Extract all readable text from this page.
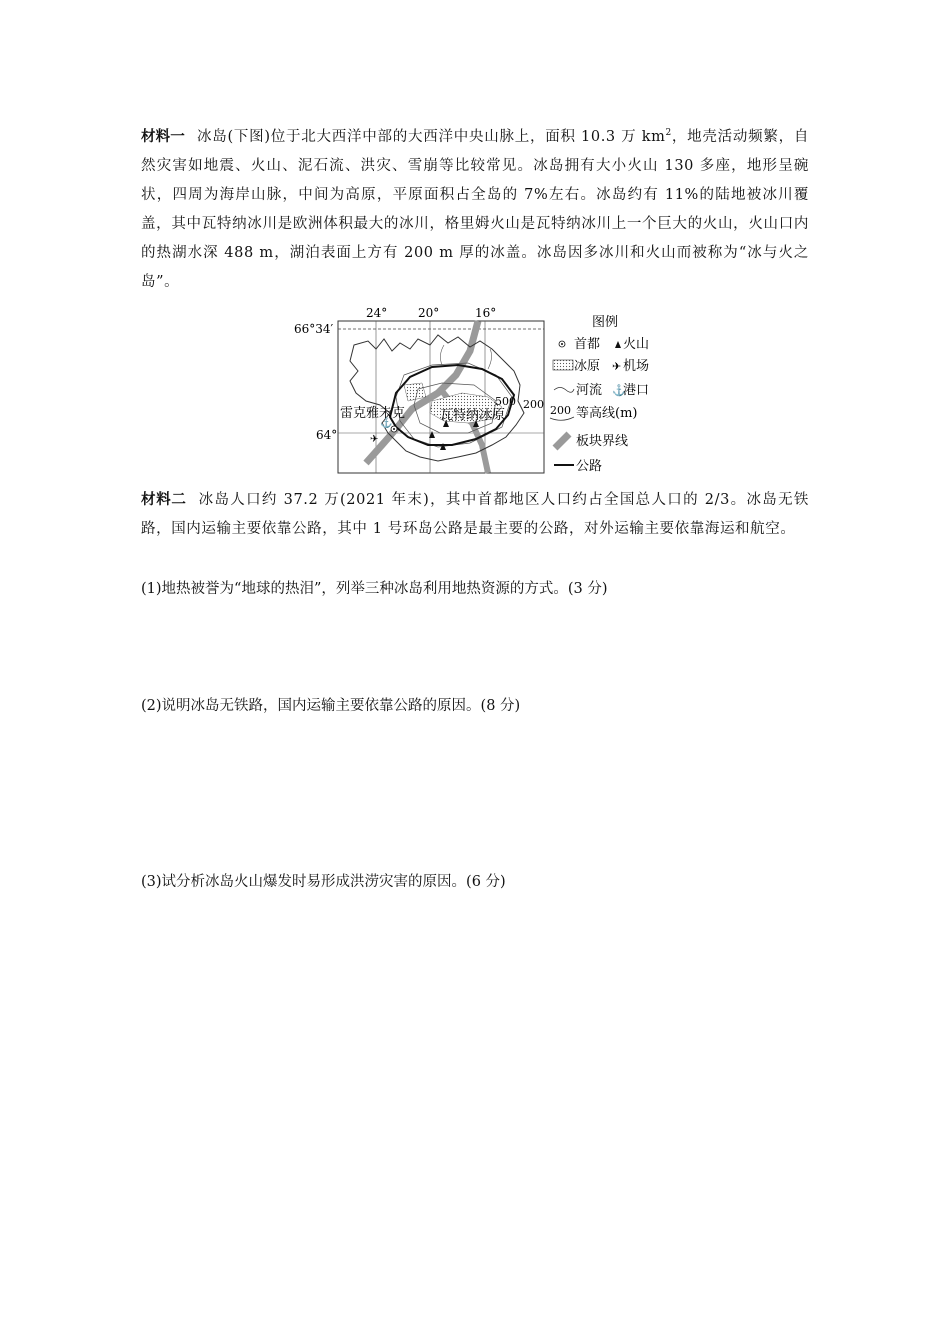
材料一 冰岛(下图)位于北大西洋中部的大西洋中央山脉上，面积 10.3 万 $km^2$，地壳活动频繁，自然灾害如地震、火山、泥石流、洪灾、雪崩等比较常见。冰岛拥有大小火山 130 多座，地形呈碗状，四周为海岸山脉，中间为高原，平原面积占全岛的 7%左右。冰岛约有 11%的陆地被冰川覆盖，其中瓦特纳冰川是欧洲体积最大的冰川，格里姆火山是瓦特纳冰川上一个巨大的火山，火山口内的热湖水深 488 m，湖泊表面上方有 200 m 厚的冰盖。冰岛因多冰川和火山而被称为“冰与火之岛”。
✈
⚓
24°	20°	16°
66°34′
64°
雷克雅未克	瓦特纳冰原
500 200
图例
首都 火山
冰原 ✈ 机场
河流 ⚓
港口
200 等高线(m)
板块界线
公路
材料二 冰岛人口约 37.2 万(2021 年末)，其中首都地区人口约占全国总人口的 2/3。冰岛无铁路，国内运输主要依靠公路，其中 1 号环岛公路是最主要的公路，对外运输主要依靠海运和航空。
(1)地热被誉为“地球的热泪”，列举三种冰岛利用地热资源的方式。(3 分)
(2)说明冰岛无铁路，国内运输主要依靠公路的原因。(8 分)
(3)试分析冰岛火山爆发时易形成洪涝灾害的原因。(6 分)
